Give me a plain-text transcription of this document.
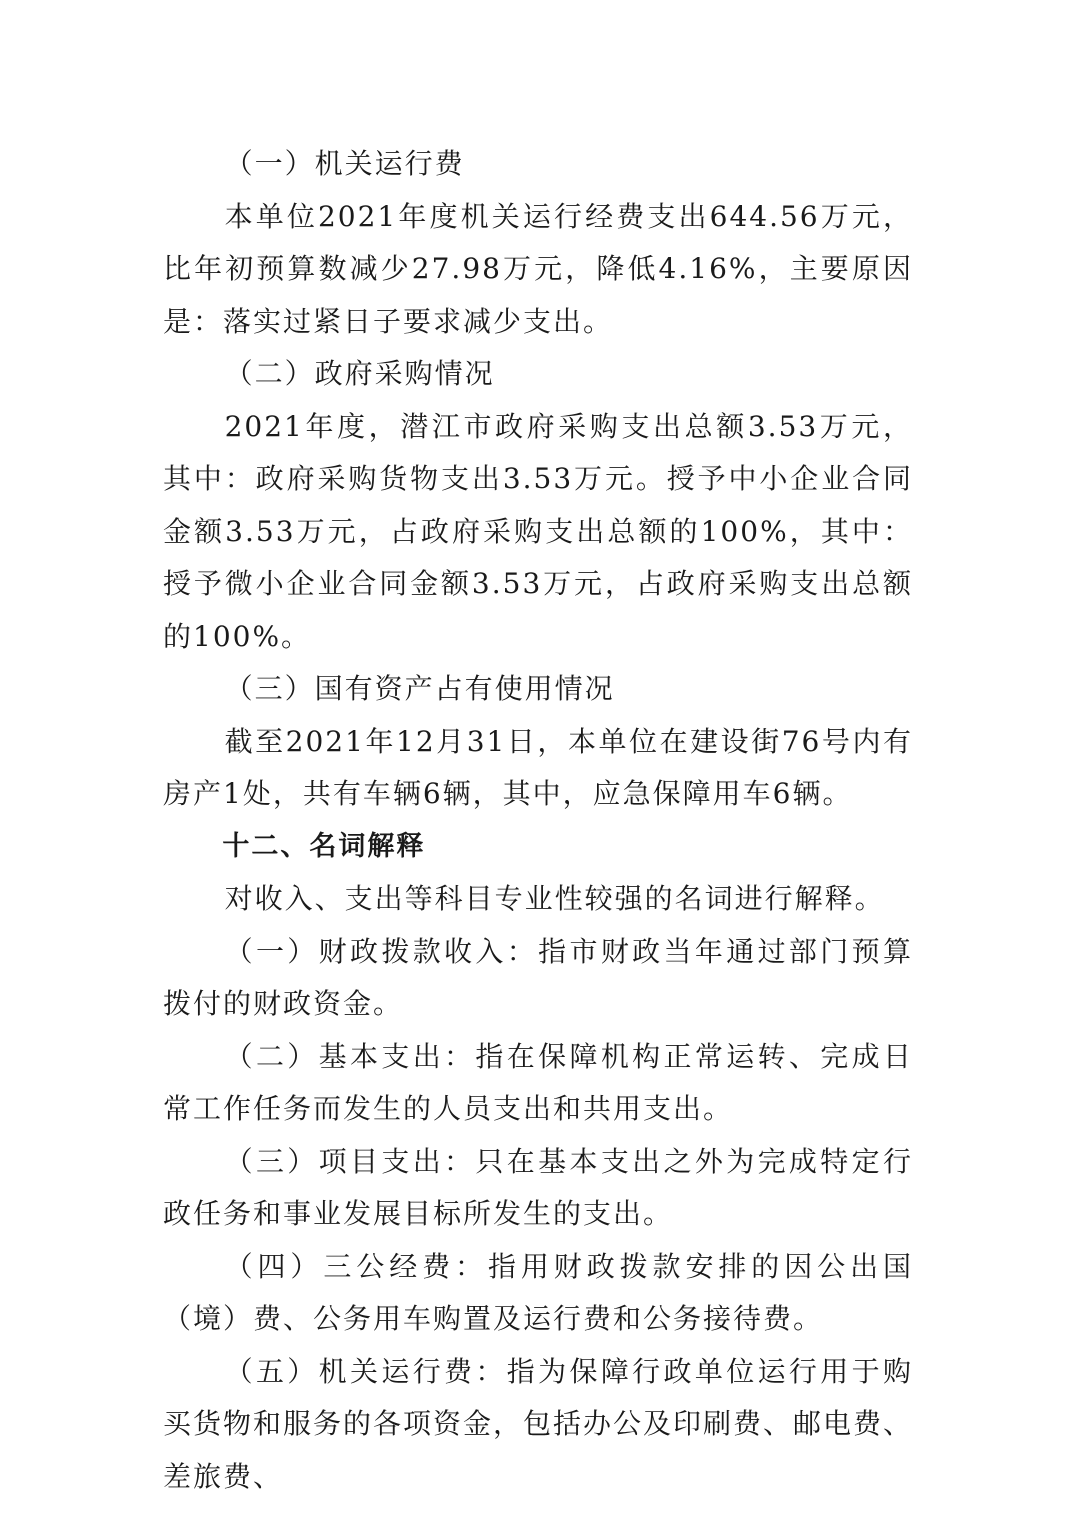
（一）机关运行费

本单位2021年度机关运行经费支出644.56万元，比年初预算数减少27.98万元，降低4.16%，主要原因是：落实过紧日子要求减少支出。

（二）政府采购情况

2021年度，潜江市政府采购支出总额3.53万元，其中：政府采购货物支出3.53万元。授予中小企业合同金额3.53万元，占政府采购支出总额的100%，其中：授予微小企业合同金额3.53万元，占政府采购支出总额的100%。

（三）国有资产占有使用情况

截至2021年12月31日，本单位在建设街76号内有房产1处，共有车辆6辆，其中，应急保障用车6辆。

十二、名词解释

对收入、支出等科目专业性较强的名词进行解释。

（一）财政拨款收入：指市财政当年通过部门预算拨付的财政资金。

（二）基本支出：指在保障机构正常运转、完成日常工作任务而发生的人员支出和共用支出。

（三）项目支出：只在基本支出之外为完成特定行政任务和事业发展目标所发生的支出。

（四）三公经费：指用财政拨款安排的因公出国（境）费、公务用车购置及运行费和公务接待费。

（五）机关运行费：指为保障行政单位运行用于购买货物和服务的各项资金，包括办公及印刷费、邮电费、差旅费、
